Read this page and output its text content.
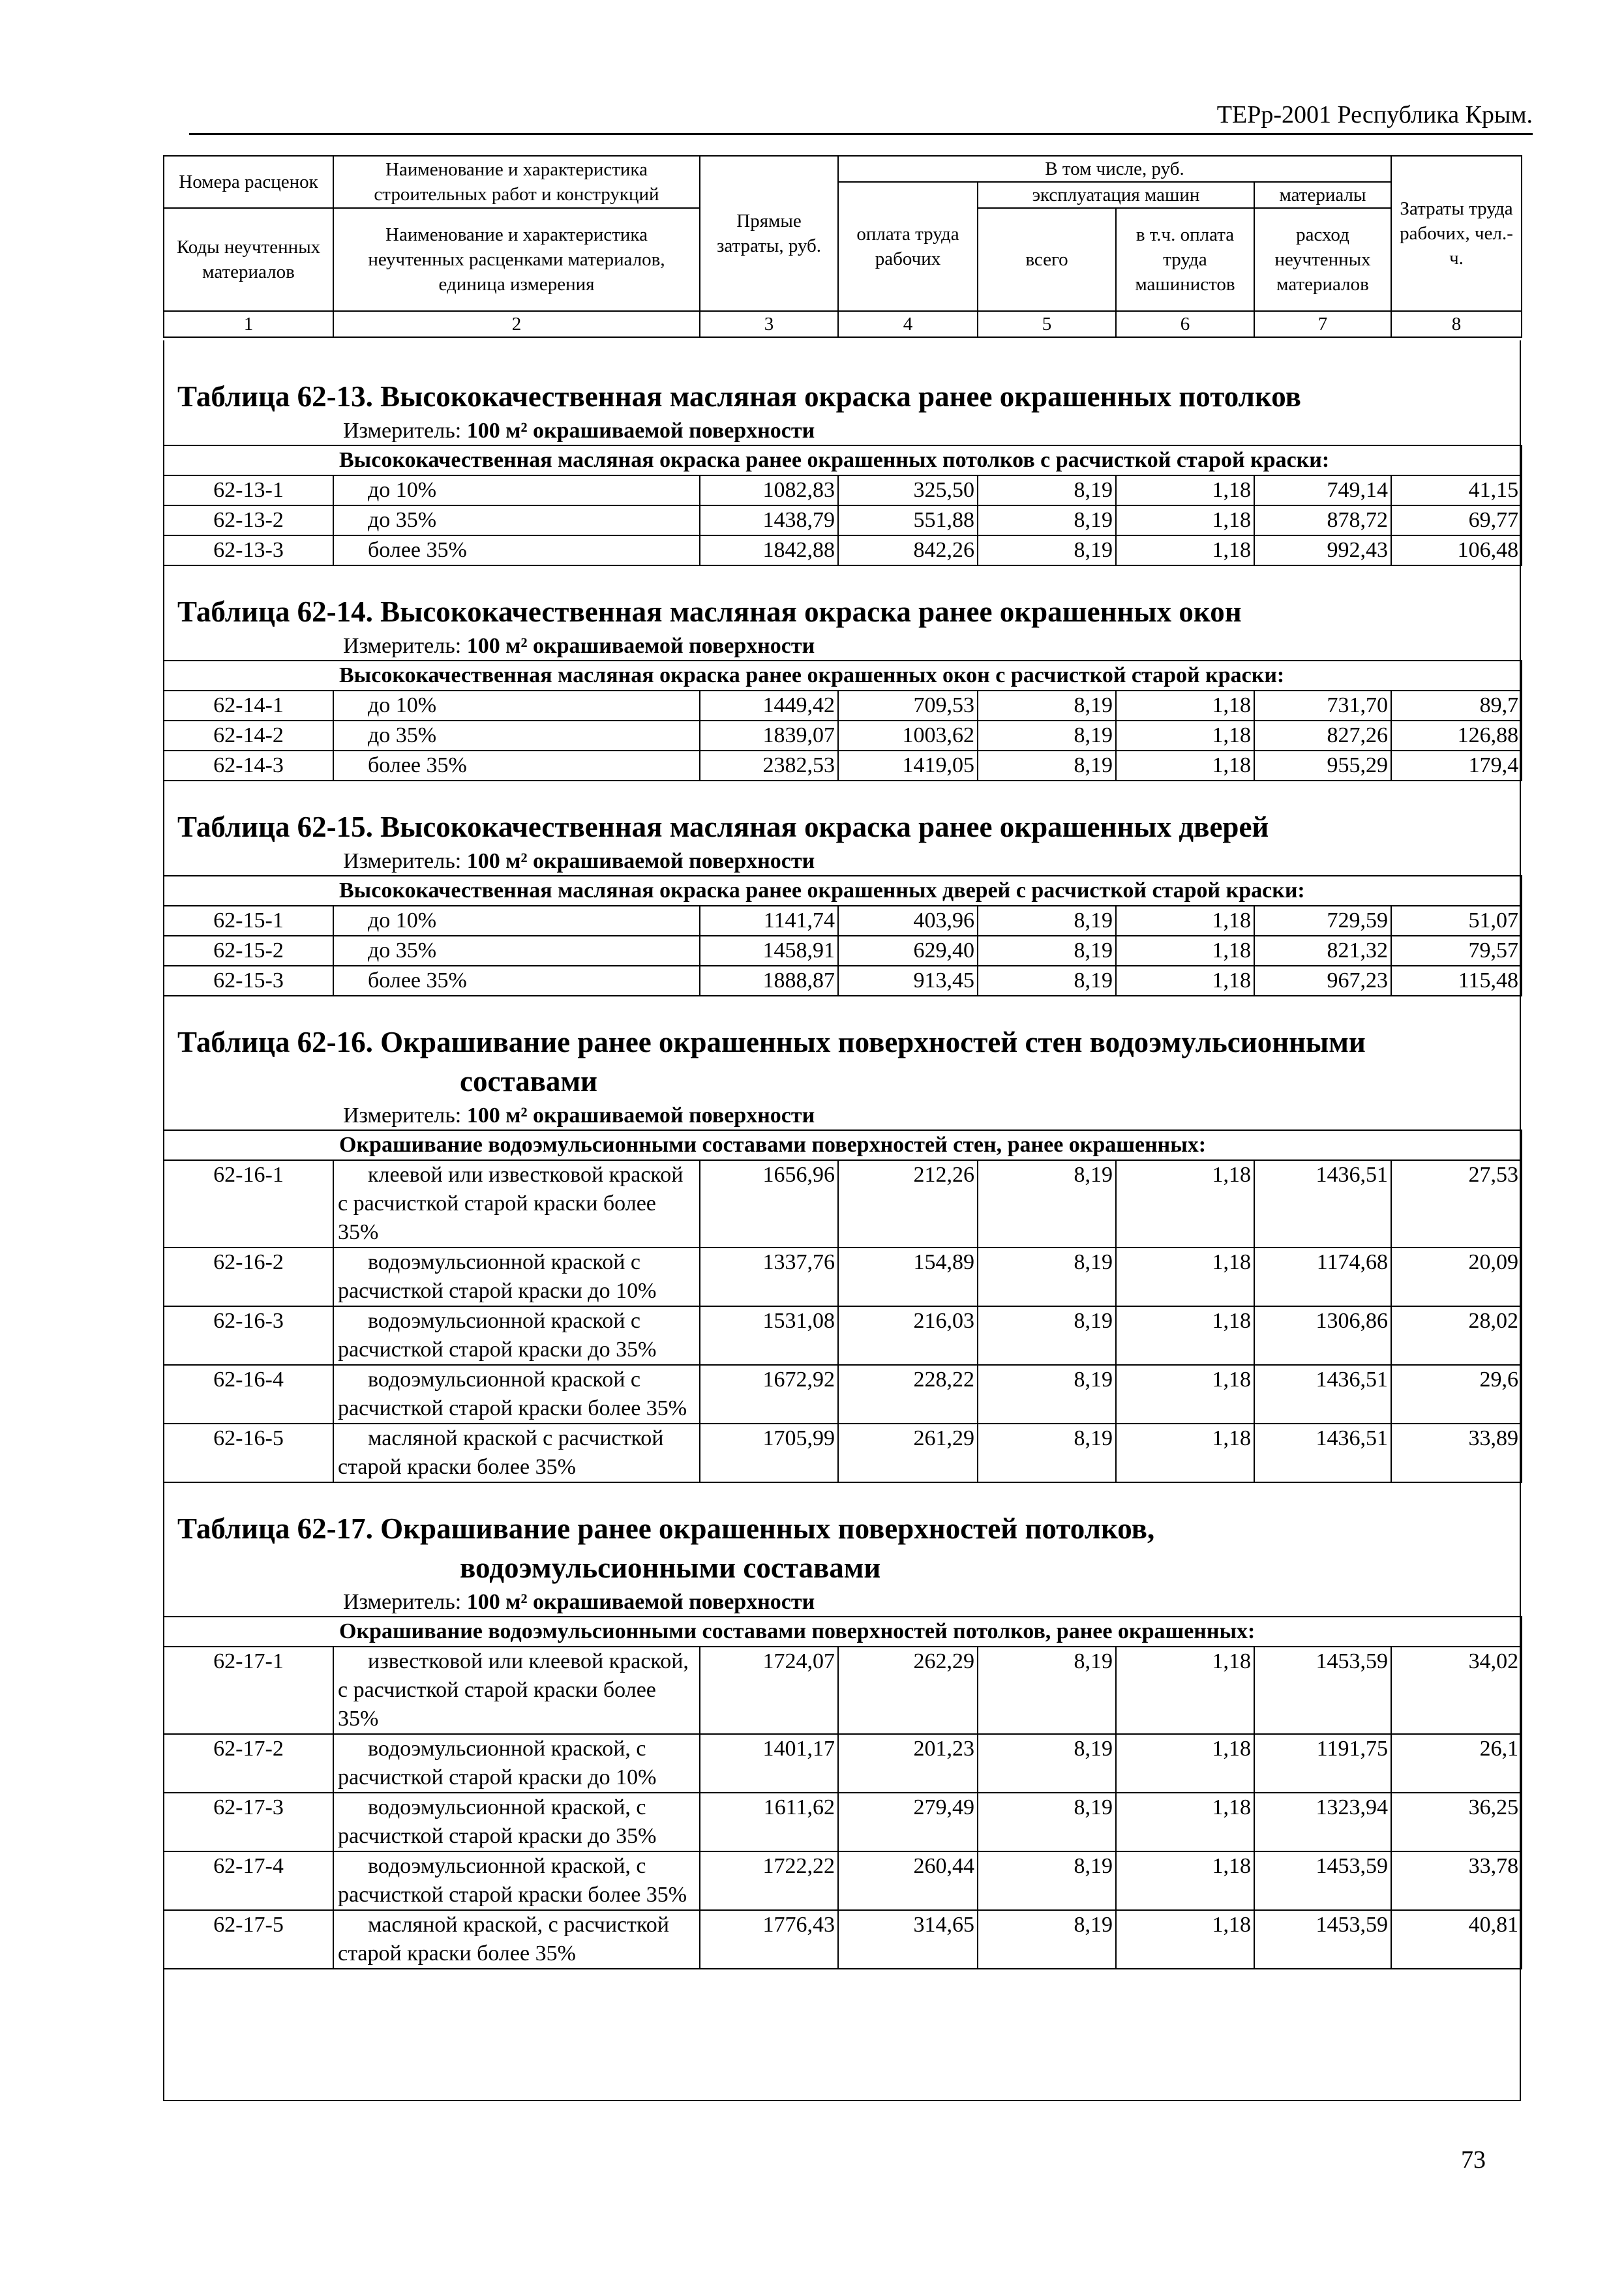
ТЕРр-2001 Республика Крым.
Номера расценок	Наименование и характеристика строительных работ и конструкций	Прямые затраты, руб.	В том числе, руб.				Затраты труда рабочих, чел.-ч.
			оплата труда рабочих	эксплуатация машин		материалы	
Коды неучтенных материалов	Наименование и характеристика неучтенных расценками материалов, единица измерения			всего	в т.ч. оплата труда машинистов	расход неучтенных материалов	

1	2	3	4	5	6	7	8
Таблица 62-13. Высококачественная масляная окраска ранее окрашенных потолков
Измеритель: 100 м² окрашиваемой поверхности
Высококачественная масляная окраска ранее окрашенных потолков с расчисткой старой краски:							
62-13-1	до 10%	1082,83	325,50	8,19	1,18	749,14	41,15
62-13-2	до 35%	1438,79	551,88	8,19	1,18	878,72	69,77
62-13-3	более 35%	1842,88	842,26	8,19	1,18	992,43	106,48
Таблица 62-14. Высококачественная масляная окраска ранее окрашенных окон
Измеритель: 100 м² окрашиваемой поверхности
Высококачественная масляная окраска ранее окрашенных окон с расчисткой старой краски:							
62-14-1	до 10%	1449,42	709,53	8,19	1,18	731,70	89,7
62-14-2	до 35%	1839,07	1003,62	8,19	1,18	827,26	126,88
62-14-3	более 35%	2382,53	1419,05	8,19	1,18	955,29	179,4
Таблица 62-15. Высококачественная масляная окраска ранее окрашенных дверей
Измеритель: 100 м² окрашиваемой поверхности
Высококачественная масляная окраска ранее окрашенных дверей с расчисткой старой краски:							
62-15-1	до 10%	1141,74	403,96	8,19	1,18	729,59	51,07
62-15-2	до 35%	1458,91	629,40	8,19	1,18	821,32	79,57
62-15-3	более 35%	1888,87	913,45	8,19	1,18	967,23	115,48
Таблица 62-16. Окрашивание ранее окрашенных поверхностей стен водоэмульсионными

составами
Измеритель: 100 м² окрашиваемой поверхности
Окрашивание водоэмульсионными составами поверхностей стен, ранее окрашенных:							
62-16-1	клеевой или известковой краской с расчисткой старой краски более 35%	1656,96	212,26	8,19	1,18	1436,51	27,53
62-16-2	водоэмульсионной краской с расчисткой старой краски до 10%	1337,76	154,89	8,19	1,18	1174,68	20,09
62-16-3	водоэмульсионной краской с расчисткой старой краски до 35%	1531,08	216,03	8,19	1,18	1306,86	28,02
62-16-4	водоэмульсионной краской с расчисткой старой краски более 35%	1672,92	228,22	8,19	1,18	1436,51	29,6
62-16-5	масляной краской с расчисткой старой краски более 35%	1705,99	261,29	8,19	1,18	1436,51	33,89
Таблица 62-17. Окрашивание ранее окрашенных поверхностей потолков,

водоэмульсионными составами
Измеритель: 100 м² окрашиваемой поверхности
Окрашивание водоэмульсионными составами поверхностей потолков, ранее окрашенных:							
62-17-1	известковой или клеевой краской, с расчисткой старой краски более 35%	1724,07	262,29	8,19	1,18	1453,59	34,02
62-17-2	водоэмульсионной краской, с расчисткой старой краски до 10%	1401,17	201,23	8,19	1,18	1191,75	26,1
62-17-3	водоэмульсионной краской, с расчисткой старой краски до 35%	1611,62	279,49	8,19	1,18	1323,94	36,25
62-17-4	водоэмульсионной краской, с расчисткой старой краски более 35%	1722,22	260,44	8,19	1,18	1453,59	33,78
62-17-5	масляной краской, с расчисткой старой краски более 35%	1776,43	314,65	8,19	1,18	1453,59	40,81
73
